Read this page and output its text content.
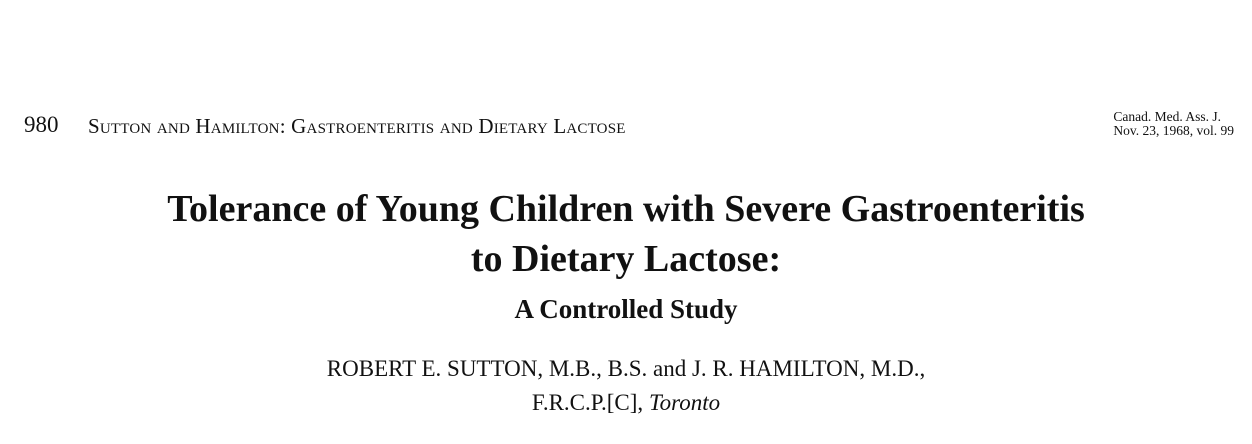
980 Sutton and Hamilton: Gastroenteritis and Dietary Lactose	Canad. Med. Ass. J.
Nov. 23, 1968, vol. 99
Tolerance of Young Children with Severe Gastroenteritis
to Dietary Lactose:
A Controlled Study
ROBERT E. SUTTON, M.B., B.S. and J. R. HAMILTON, M.D.,
F.R.C.P.[C], Toronto
